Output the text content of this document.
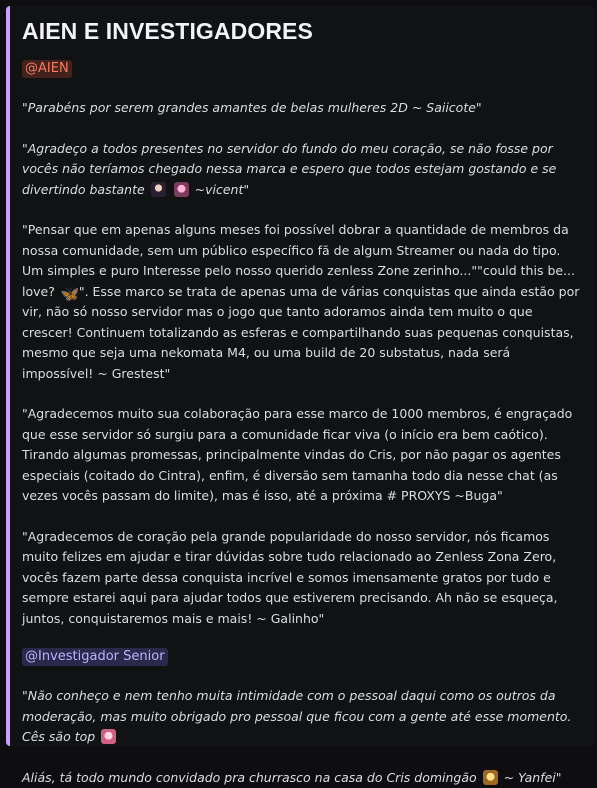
AIEN E INVESTIGADORES
@AIEN

"Parabéns por serem grandes amantes de belas mulheres 2D ~ Saiicote"

"Agradeço a todos presentes no servidor do fundo do meu coração, se não fosse por vocês não teríamos chegado nessa marca e espero que todos estejam gostando e se divertindo bastante	~vicent"

"Pensar que em apenas alguns meses foi possível dobrar a quantidade de membros da nossa comunidade, sem um público específico fã de algum Streamer ou nada do tipo. Um simples e puro Interesse pelo nosso querido zenless Zone zerinho...""could this be... love? 🦋". Esse marco se trata de apenas uma de várias conquistas que ainda estão por vir, não só nosso servidor mas o jogo que tanto adoramos ainda tem muito o que crescer! Continuem totalizando as esferas e compartilhando suas pequenas conquistas, mesmo que seja uma nekomata M4, ou uma build de 20 substatus, nada será impossível! ~ Grestest"

"Agradecemos muito sua colaboração para esse marco de 1000 membros, é engraçado que esse servidor só surgiu para a comunidade ficar viva (o início era bem caótico). Tirando algumas promessas, principalmente vindas do Cris, por não pagar os agentes especiais (coitado do Cintra), enfim, é diversão sem tamanha todo dia nesse chat (as vezes vocês passam do limite), mas é isso, até a próxima # PROXYS ~Buga"

"Agradecemos de coração pela grande popularidade do nosso servidor, nós ficamos muito felizes em ajudar e tirar dúvidas sobre tudo relacionado ao Zenless Zona Zero, vocês fazem parte dessa conquista incrível e somos imensamente gratos por tudo e sempre estarei aqui para ajudar todos que estiverem precisando. Ah não se esqueça, juntos, conquistaremos mais e mais! ~ Galinho"

@Investigador Senior

"Não conheço e nem tenho muita intimidade com o pessoal daqui como os outros da moderação, mas muito obrigado pro pessoal que ficou com a gente até esse momento. Cês são top

Aliás, tá todo mundo convidado pra churrasco na casa do Cris domingão ~ Yanfei"
